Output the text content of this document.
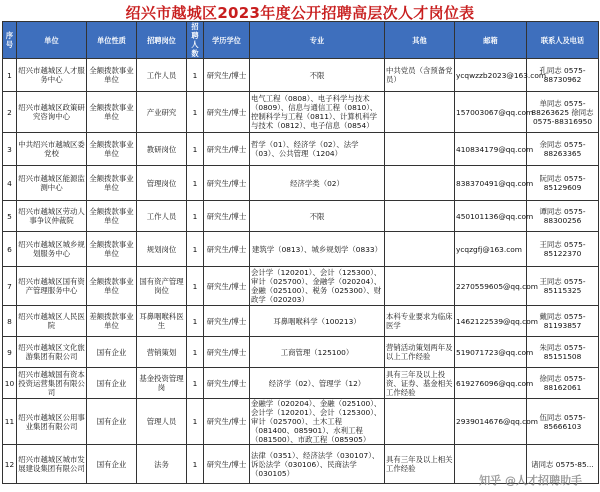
绍兴市越城区2023年度公开招聘高层次人才岗位表
序号	单位	单位性质	招聘岗位	招聘人数	学历学位	专业	其他	邮箱	联系人及电话
1	绍兴市越城区人才服务中心	全额拨款事业单位	工作人员	1	研究生/博士	不限	中共党员（含预备党员）	ycqwzzb2023@163.com	孔同志 0575-88730962
2	绍兴市越城区政策研究咨询中心	全额拨款事业单位	产业研究	1	研究生/博士	电气工程（0808）、电子科学与技术（0809）、信息与通信工程（0810）、控制科学与工程（0811）、计算机科学与技术（0812）、电子信息（0854）		157003067@qq.com	单同志 0575-88263625 徐同志 0575-88316950
3	中共绍兴市越城区委党校	全额拨款事业单位	教研岗位	1	研究生/博士	哲学（01）、经济学（02）、法学（03）、公共管理（1204）		410834179@qq.com	余同志 0575-88263365
4	绍兴市越城区能源监测中心	全额拨款事业单位	管理岗位	1	研究生/博士	经济学类（02）		838370491@qq.com	阮同志 0575-85129609
5	绍兴市越城区劳动人事争议仲裁院	全额拨款事业单位	工作人员	1	研究生/博士	不限		450101136@qq.com	谭同志 0575-88300256
6	绍兴市越城区城乡规划服务中心	全额拨款事业单位	规划岗位	1	研究生/博士	建筑学（0813）、城乡规划学（0833）		ycqzgfj@163.com	王同志 0575-85122370
7	绍兴市越城区国有资产管理服务中心	全额拨款事业单位	国有资产管理岗位	1	研究生/博士	会计学（120201）、会计（125300）、审计（025700）、金融学（020204）、金融（025100）、税务（025300）、财政学（020203）		2270559605@qq.com	王同志 0575-85115325
8	绍兴市越城区人民医院	差额拨款事业单位	耳鼻咽喉科医生	1	研究生/博士	耳鼻咽喉科学（100213）	本科专业要求为临床医学	1462122539@qq.com	戴同志 0575-81193857
9	绍兴市越城区文化旅游集团有限公司	国有企业	营销策划	1	研究生/博士	工商管理（125100）	营销活动策划两年及以上工作经验	519071723@qq.com	朱同志 0575-85151508
10	绍兴市越城国有资本投资运营集团有限公司	国有企业	基金投资管理岗	1	研究生/博士	经济学（02）、管理学（12）	具有三年及以上投资、证券、基金相关工作经验	619276096@qq.com	徐同志 0575-88162061
11	绍兴市越城区公用事业集团有限公司	国有企业	管理人员	1	研究生/博士	金融学（020204）、金融（025100）、会计学（120201）、会计（125300）、审计（025700）、土木工程（081400、085901）、水利工程（081500）、市政工程（085905）		2939014676@qq.com	伍同志 0575-85666103
12	绍兴市越城区城市发展建设集团有限公司	国有企业	法务	1	研究生/博士	法律（0351）、经济法学（030107）、诉讼法学（030106）、民商法学（030105）	具有三年及以上相关工作经验		诸同志 0575-85...
知乎 @人才招聘助手
